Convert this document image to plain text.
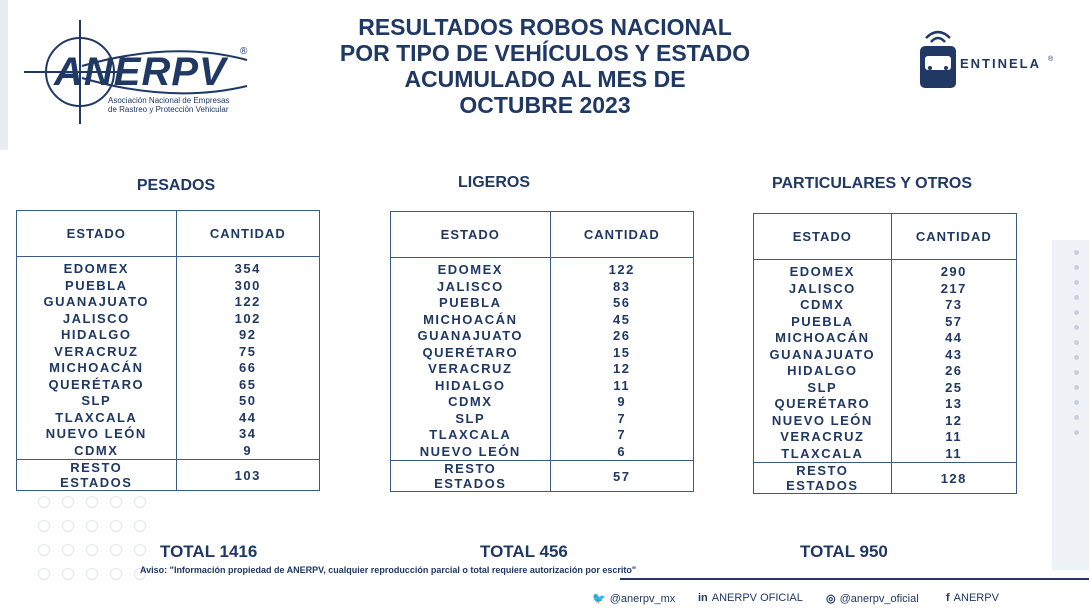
ANERPV ®
Asociación Nacional de Empresas
de Rastreo y Protección Vehicular
RESULTADOS ROBOS NACIONAL
POR TIPO DE VEHÍCULOS Y ESTADO
ACUMULADO AL MES DE
OCTUBRE 2023
ENTINELA ®
PESADOS	LIGEROS	PARTICULARES Y OTROS
ESTADO	CANTIDAD
EDOMEX	354
PUEBLA	300
GUANAJUATO	122
JALISCO	102
HIDALGO	92
VERACRUZ	75
MICHOACÁN	66
QUERÉTARO	65
SLP	50
TLAXCALA	44
NUEVO LEÓN	34
CDMX	9

RESTO
ESTADOS	103
ESTADO	CANTIDAD
EDOMEX	122
JALISCO	83
PUEBLA	56
MICHOACÁN	45
GUANAJUATO	26
QUERÉTARO	15
VERACRUZ	12
HIDALGO	11
CDMX	9
SLP	7
TLAXCALA	7
NUEVO LEÓN	6

RESTO
ESTADOS	57
ESTADO	CANTIDAD
EDOMEX	290
JALISCO	217
CDMX	73
PUEBLA	57
MICHOACÁN	44
GUANAJUATO	43
HIDALGO	26
SLP	25
QUERÉTARO	13
NUEVO LEÓN	12
VERACRUZ	11
TLAXCALA	11

RESTO
ESTADOS	128
TOTAL 1416	TOTAL 456	TOTAL 950
Aviso: "Información propiedad de ANERPV, cualquier reproducción parcial o total requiere autorización por escrito"
🐦 @anerpv_mx in ANERPV OFICIAL ◎ @anerpv_oficial f ANERPV
